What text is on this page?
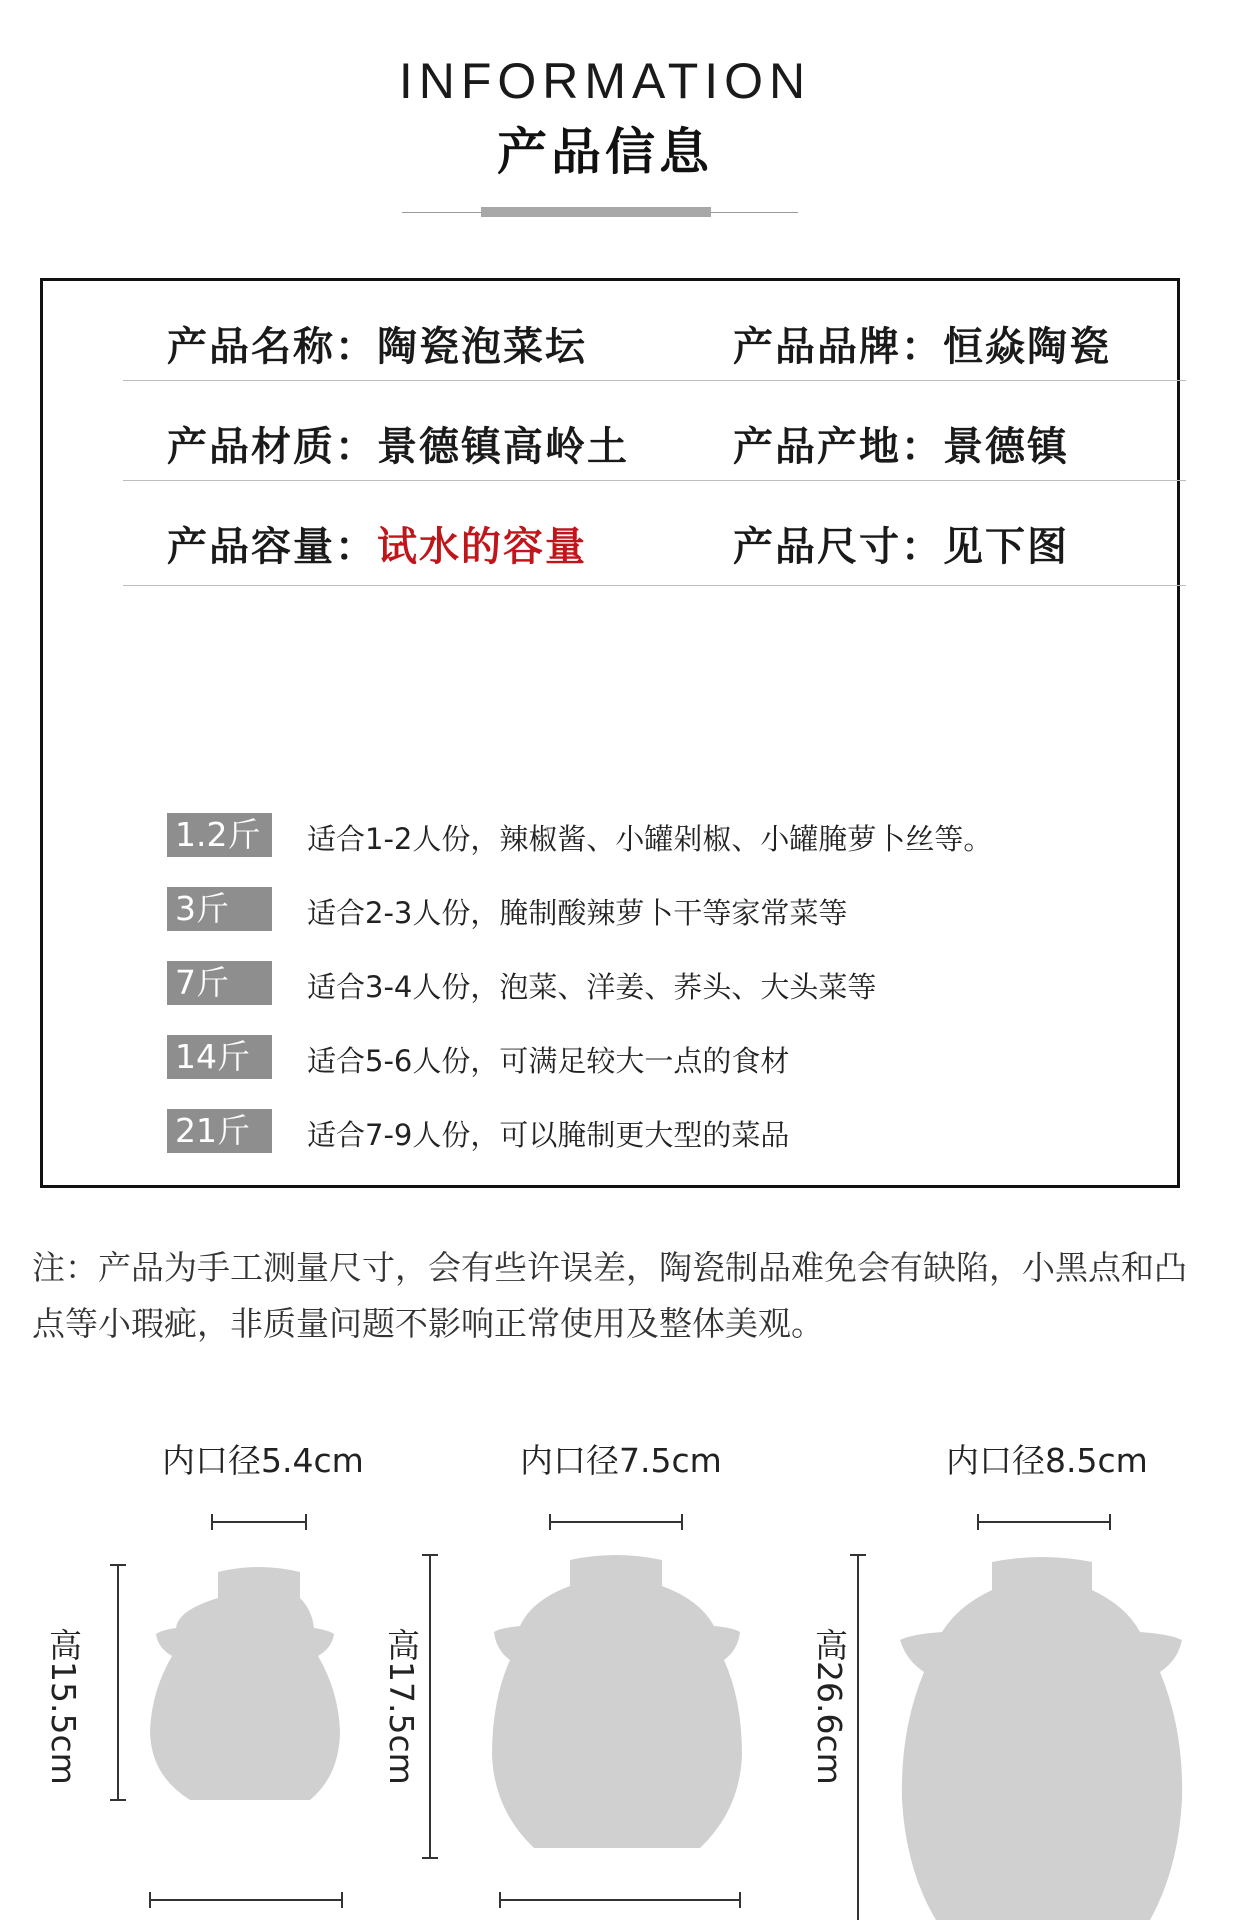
INFORMATION
产品信息
产品名称：陶瓷泡菜坛	产品品牌：恒焱陶瓷
产品材质：景德镇高岭土	产品产地：景德镇
产品容量：试水的容量	产品尺寸：见下图
1.2斤	适合1-2人份，辣椒酱、小罐剁椒、小罐腌萝卜丝等。
3斤	适合2-3人份，腌制酸辣萝卜干等家常菜等
7斤	适合3-4人份，泡菜、洋姜、荞头、大头菜等
14斤	适合5-6人份，可满足较大一点的食材
21斤	适合7-9人份，可以腌制更大型的菜品
注：产品为手工测量尺寸，会有些许误差，陶瓷制品难免会有缺陷，小黑点和凸点等小瑕疵，非质量问题不影响正常使用及整体美观。
内口径5.4cm	内口径7.5cm	内口径8.5cm
高15.5cm	高17.5cm	高26.6cm
